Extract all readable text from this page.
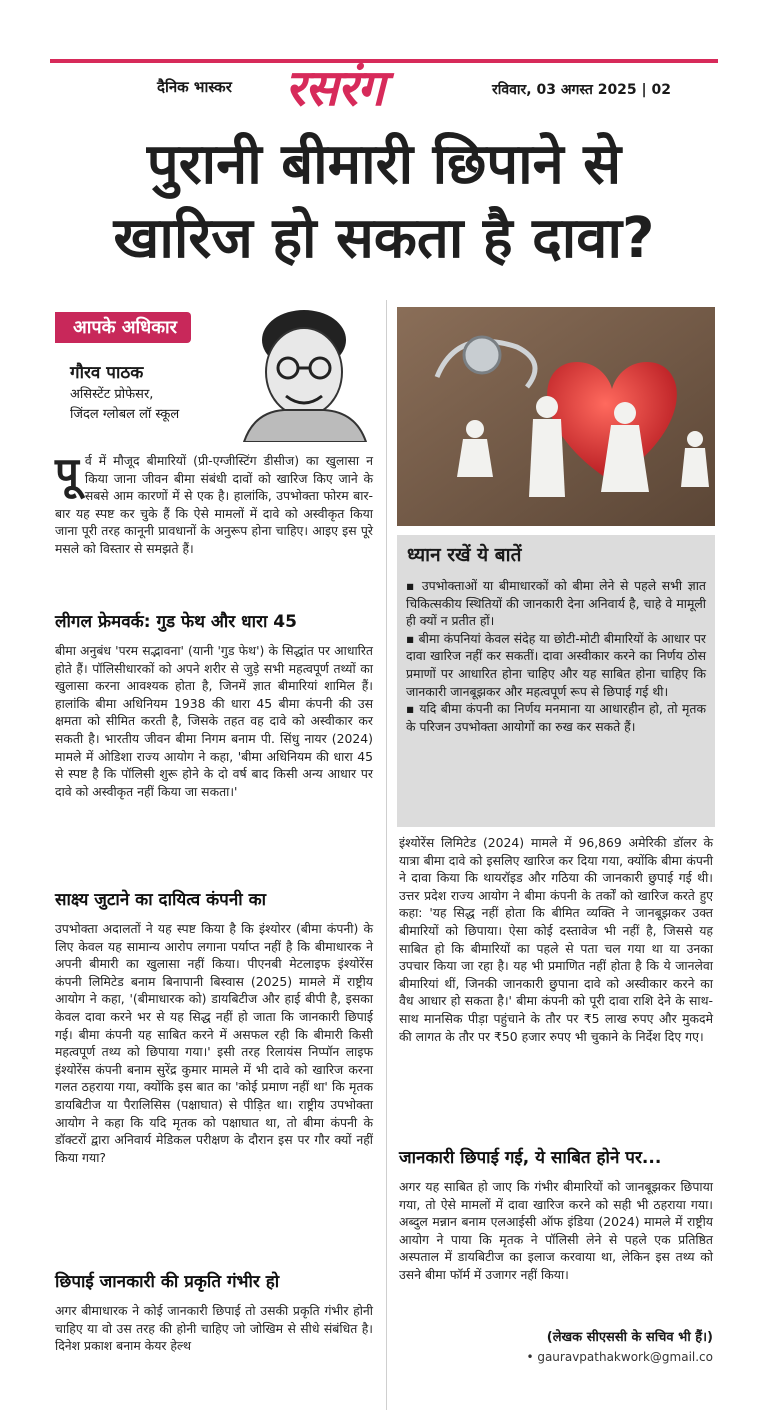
दैनिक भास्कर रसरंग	रविवार, 03 अगस्त 2025 | 02
पुरानी बीमारी छिपाने से
खारिज हो सकता है दावा?
आपके अधिकार
गौरव पाठक
असिस्टेंट प्रोफेसर,
जिंदल ग्लोबल लॉ स्कूल
पूर्व में मौजूद बीमारियों (प्री-एग्जीस्टिंग डीसीज) का खुलासा न किया जाना जीवन बीमा संबंधी दावों को खारिज किए जाने के सबसे आम कारणों में से एक है। हालांकि, उपभोक्ता फोरम बार-बार यह स्पष्ट कर चुके हैं कि ऐसे मामलों में दावे को अस्वीकृत किया जाना पूरी तरह कानूनी प्रावधानों के अनुरूप होना चाहिए। आइए इस पूरे मसले को विस्तार से समझते हैं।

लीगल फ्रेमवर्क: गुड फेथ और धारा 45

बीमा अनुबंध 'परम सद्भावना' (यानी 'गुड फेथ') के सिद्धांत पर आधारित होते हैं। पॉलिसीधारकों को अपने शरीर से जुड़े सभी महत्वपूर्ण तथ्यों का खुलासा करना आवश्यक होता है, जिनमें ज्ञात बीमारियां शामिल हैं। हालांकि बीमा अधिनियम 1938 की धारा 45 बीमा कंपनी की उस क्षमता को सीमित करती है, जिसके तहत वह दावे को अस्वीकार कर सकती है। भारतीय जीवन बीमा निगम बनाम पी. सिंधु नायर (2024) मामले में ओडिशा राज्य आयोग ने कहा, 'बीमा अधिनियम की धारा 45 से स्पष्ट है कि पॉलिसी शुरू होने के दो वर्ष बाद किसी अन्य आधार पर दावे को अस्वीकृत नहीं किया जा सकता।'

साक्ष्य जुटाने का दायित्व कंपनी का

उपभोक्ता अदालतों ने यह स्पष्ट किया है कि इंश्योरर (बीमा कंपनी) के लिए केवल यह सामान्य आरोप लगाना पर्याप्त नहीं है कि बीमाधारक ने अपनी बीमारी का खुलासा नहीं किया। पीएनबी मेटलाइफ इंश्योरेंस कंपनी लिमिटेड बनाम बिनापानी बिस्वास (2025) मामले में राष्ट्रीय आयोग ने कहा, '(बीमाधारक को) डायबिटीज और हाई बीपी है, इसका केवल दावा करने भर से यह सिद्ध नहीं हो जाता कि जानकारी छिपाई गई। बीमा कंपनी यह साबित करने में असफल रही कि बीमारी किसी महत्वपूर्ण तथ्य को छिपाया गया।' इसी तरह रिलायंस निप्पॉन लाइफ इंश्योरेंस कंपनी बनाम सुरेंद्र कुमार मामले में भी दावे को खारिज करना गलत ठहराया गया, क्योंकि इस बात का 'कोई प्रमाण नहीं था' कि मृतक डायबिटीज या पैरालिसिस (पक्षाघात) से पीड़ित था। राष्ट्रीय उपभोक्ता आयोग ने कहा कि यदि मृतक को पक्षाघात था, तो बीमा कंपनी के डॉक्टरों द्वारा अनिवार्य मेडिकल परीक्षण के दौरान इस पर गौर क्यों नहीं किया गया?

छिपाई जानकारी की प्रकृति गंभीर हो

अगर बीमाधारक ने कोई जानकारी छिपाई तो उसकी प्रकृति गंभीर होनी चाहिए या वो उस तरह की होनी चाहिए जो जोखिम से सीधे संबंधित है। दिनेश प्रकाश बनाम केयर हेल्थ

ध्यान रखें ये बातें

▪ उपभोक्ताओं या बीमाधारकों को बीमा लेने से पहले सभी ज्ञात चिकित्सकीय स्थितियों की जानकारी देना अनिवार्य है, चाहे वे मामूली ही क्यों न प्रतीत हों।

▪ बीमा कंपनियां केवल संदेह या छोटी-मोटी बीमारियों के आधार पर दावा खारिज नहीं कर सकतीं। दावा अस्वीकार करने का निर्णय ठोस प्रमाणों पर आधारित होना चाहिए और यह साबित होना चाहिए कि जानकारी जानबूझकर और महत्वपूर्ण रूप से छिपाई गई थी।

▪ यदि बीमा कंपनी का निर्णय मनमाना या आधारहीन हो, तो मृतक के परिजन उपभोक्ता आयोगों का रुख कर सकते हैं।

इंश्योरेंस लिमिटेड (2024) मामले में 96,869 अमेरिकी डॉलर के यात्रा बीमा दावे को इसलिए खारिज कर दिया गया, क्योंकि बीमा कंपनी ने दावा किया कि थायरॉइड और गठिया की जानकारी छुपाई गई थी। उत्तर प्रदेश राज्य आयोग ने बीमा कंपनी के तर्कों को खारिज करते हुए कहा: 'यह सिद्ध नहीं होता कि बीमित व्यक्ति ने जानबूझकर उक्त बीमारियों को छिपाया। ऐसा कोई दस्तावेज भी नहीं है, जिससे यह साबित हो कि बीमारियों का पहले से पता चल गया था या उनका उपचार किया जा रहा है। यह भी प्रमाणित नहीं होता है कि ये जानलेवा बीमारियां थीं, जिनकी जानकारी छुपाना दावे को अस्वीकार करने का वैध आधार हो सकता है।' बीमा कंपनी को पूरी दावा राशि देने के साथ-साथ मानसिक पीड़ा पहुंचाने के तौर पर ₹5 लाख रुपए और मुकदमे की लागत के तौर पर ₹50 हजार रुपए भी चुकाने के निर्देश दिए गए।

जानकारी छिपाई गई, ये साबित होने पर...

अगर यह साबित हो जाए कि गंभीर बीमारियों को जानबूझकर छिपाया गया, तो ऐसे मामलों में दावा खारिज करने को सही भी ठहराया गया। अब्दुल मन्नान बनाम एलआईसी ऑफ इंडिया (2024) मामले में राष्ट्रीय आयोग ने पाया कि मृतक ने पॉलिसी लेने से पहले एक प्रतिष्ठित अस्पताल में डायबिटीज का इलाज करवाया था, लेकिन इस तथ्य को उसने बीमा फॉर्म में उजागर नहीं किया।

(लेखक सीएससी के सचिव भी हैं।)
• gauravpathakwork@gmail.co
